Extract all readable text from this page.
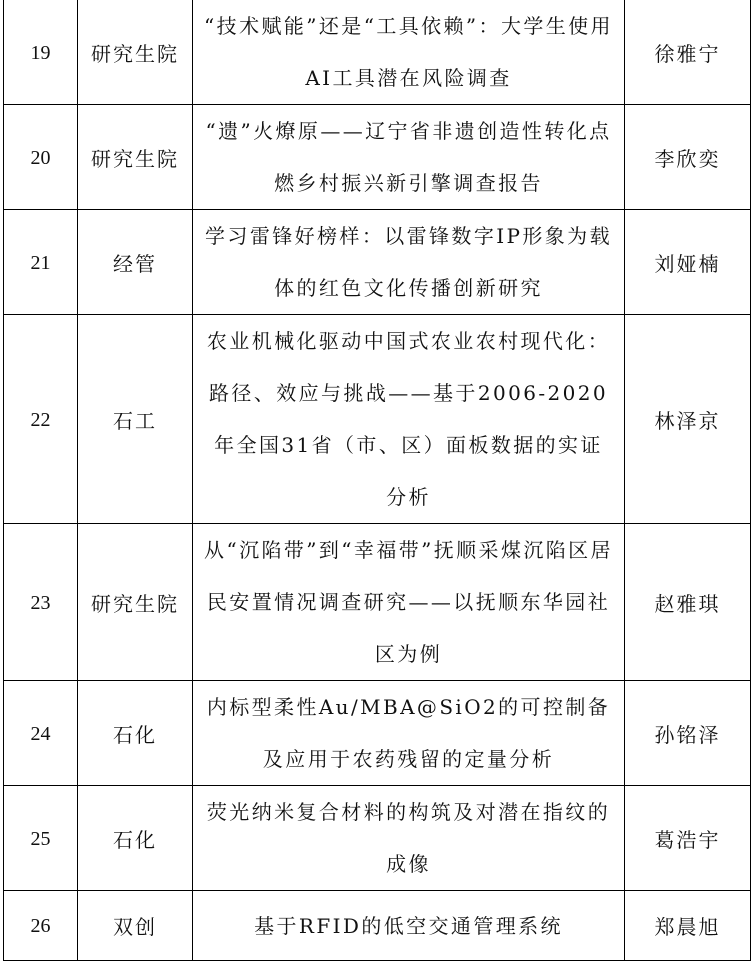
19	研究生院	“技术赋能”还是“工具依赖”：大学生使用AI工具潜在风险调查	徐雅宁
20	研究生院	“遗”火燎原——辽宁省非遗创造性转化点燃乡村振兴新引擎调查报告	李欣奕
21	经管	学习雷锋好榜样：以雷锋数字IP形象为载体的红色文化传播创新研究	刘娅楠
22	石工	农业机械化驱动中国式农业农村现代化：路径、效应与挑战——基于2006-2020年全国31省（市、区）面板数据的实证分析	林泽京
23	研究生院	从“沉陷带”到“幸福带”抚顺采煤沉陷区居民安置情况调查研究——以抚顺东华园社区为例	赵雅琪
24	石化	内标型柔性Au/MBA@SiO2的可控制备及应用于农药残留的定量分析	孙铭泽
25	石化	荧光纳米复合材料的构筑及对潜在指纹的成像	葛浩宇
26	双创	基于RFID的低空交通管理系统	郑晨旭
